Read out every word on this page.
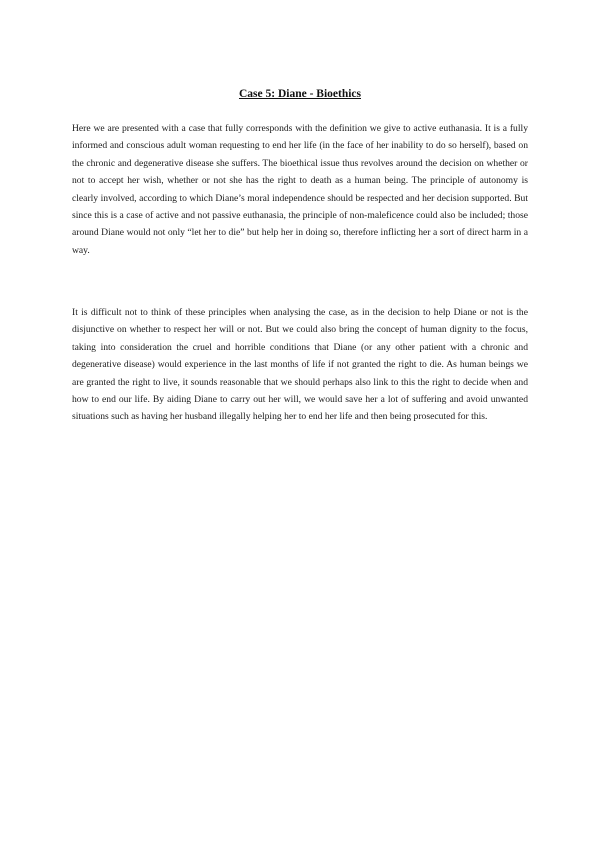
Case 5: Diane - Bioethics

Here we are presented with a case that fully corresponds with the definition we give to active euthanasia. It is a fully informed and conscious adult woman requesting to end her life (in the face of her inability to do so herself), based on the chronic and degenerative disease she suffers. The bioethical issue thus revolves around the decision on whether or not to accept her wish, whether or not she has the right to death as a human being. The principle of autonomy is clearly involved, according to which Diane’s moral independence should be respected and her decision supported. But since this is a case of active and not passive euthanasia, the principle of non-maleficence could also be included; those around Diane would not only “let her to die” but help her in doing so, therefore inflicting her a sort of direct harm in a way.

It is difficult not to think of these principles when analysing the case, as in the decision to help Diane or not is the disjunctive on whether to respect her will or not. But we could also bring the concept of human dignity to the focus, taking into consideration the cruel and horrible conditions that Diane (or any other patient with a chronic and degenerative disease) would experience in the last months of life if not granted the right to die. As human beings we are granted the right to live, it sounds reasonable that we should perhaps also link to this the right to decide when and how to end our life. By aiding Diane to carry out her will, we would save her a lot of suffering and avoid unwanted situations such as having her husband illegally helping her to end her life and then being prosecuted for this.
